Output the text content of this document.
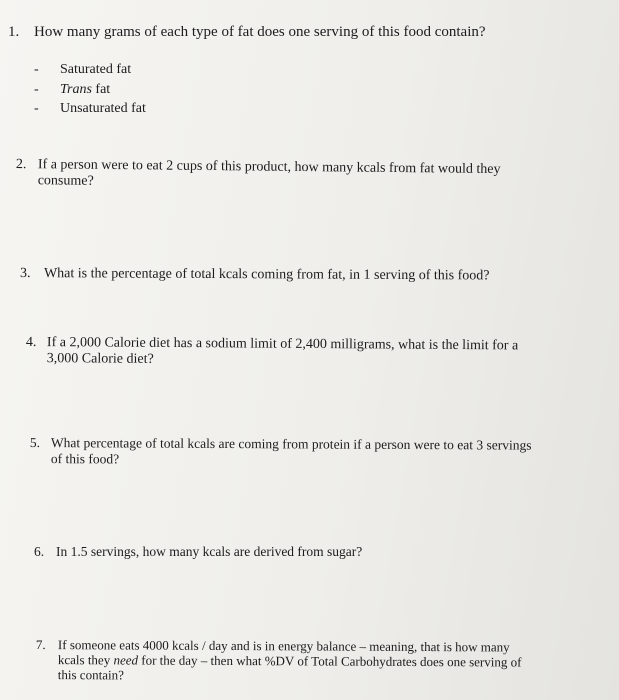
1. How many grams of each type of fat does one serving of this food contain?
- Saturated fat
- Trans fat
- Unsaturated fat
2. If a person were to eat 2 cups of this product, how many kcals from fat would they
consume?
3. What is the percentage of total kcals coming from fat, in 1 serving of this food?
4. If a 2,000 Calorie diet has a sodium limit of 2,400 milligrams, what is the limit for a
3,000 Calorie diet?
5. What percentage of total kcals are coming from protein if a person were to eat 3 servings
of this food?
6. In 1.5 servings, how many kcals are derived from sugar?
7. If someone eats 4000 kcals / day and is in energy balance – meaning, that is how many
kcals they need for the day – then what %DV of Total Carbohydrates does one serving of
this contain?
